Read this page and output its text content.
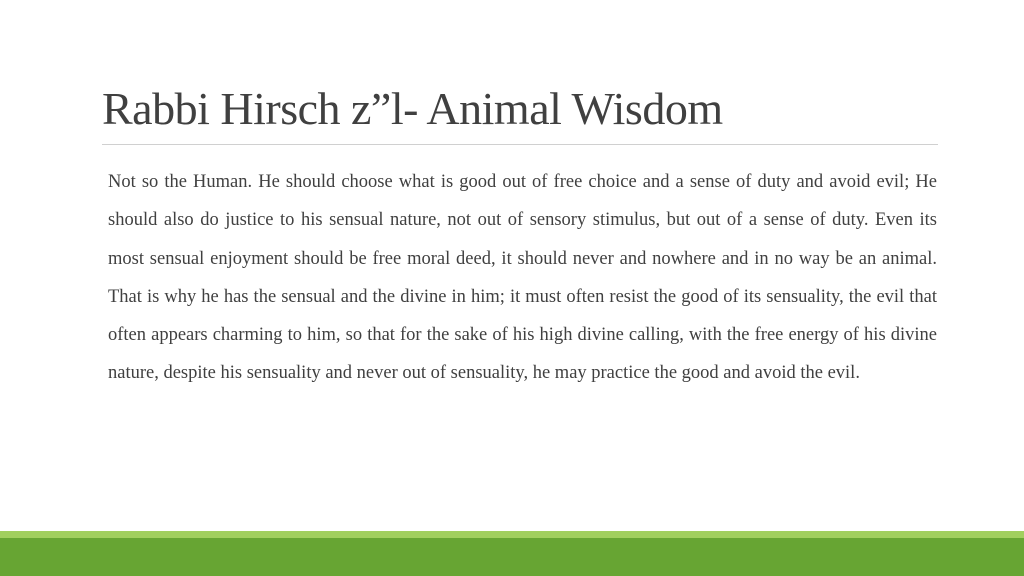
Rabbi Hirsch z”l- Animal Wisdom

Not so the Human. He should choose what is good out of free choice and a sense of duty and avoid evil; He should also do justice to his sensual nature, not out of sensory stimulus, but out of a sense of duty. Even its most sensual enjoyment should be free moral deed, it should never and nowhere and in no way be an animal. That is why he has the sensual and the divine in him; it must often resist the good of its sensuality, the evil that often appears charming to him, so that for the sake of his high divine calling, with the free energy of his divine nature, despite his sensuality and never out of sensuality, he may practice the good and avoid the evil.
